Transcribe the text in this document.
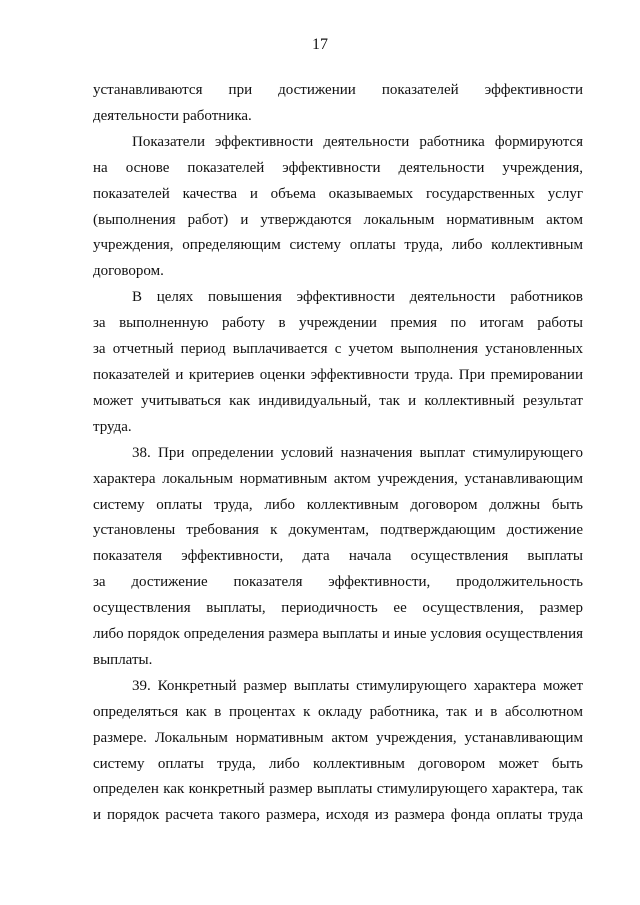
17

устанавливаются при достижении показателей эффективности
деятельности работника.

Показатели эффективности деятельности работника формируются
на основе показателей эффективности деятельности учреждения,
показателей качества и объема оказываемых государственных услуг
(выполнения работ) и утверждаются локальным нормативным актом
учреждения, определяющим систему оплаты труда, либо коллективным
договором.

В целях повышения эффективности деятельности работников
за выполненную работу в учреждении премия по итогам работы
за отчетный период выплачивается с учетом выполнения установленных
показателей и критериев оценки эффективности труда. При премировании
может учитываться как индивидуальный, так и коллективный результат
труда.

38. При определении условий назначения выплат стимулирующего
характера локальным нормативным актом учреждения, устанавливающим
систему оплаты труда, либо коллективным договором должны быть
установлены требования к документам, подтверждающим достижение
показателя эффективности, дата начала осуществления выплаты
за достижение показателя эффективности, продолжительность
осуществления выплаты, периодичность ее осуществления, размер
либо порядок определения размера выплаты и иные условия осуществления
выплаты.

39. Конкретный размер выплаты стимулирующего характера может
определяться как в процентах к окладу работника, так и в абсолютном
размере. Локальным нормативным актом учреждения, устанавливающим
систему оплаты труда, либо коллективным договором может быть
определен как конкретный размер выплаты стимулирующего характера, так
и порядок расчета такого размера, исходя из размера фонда оплаты труда
